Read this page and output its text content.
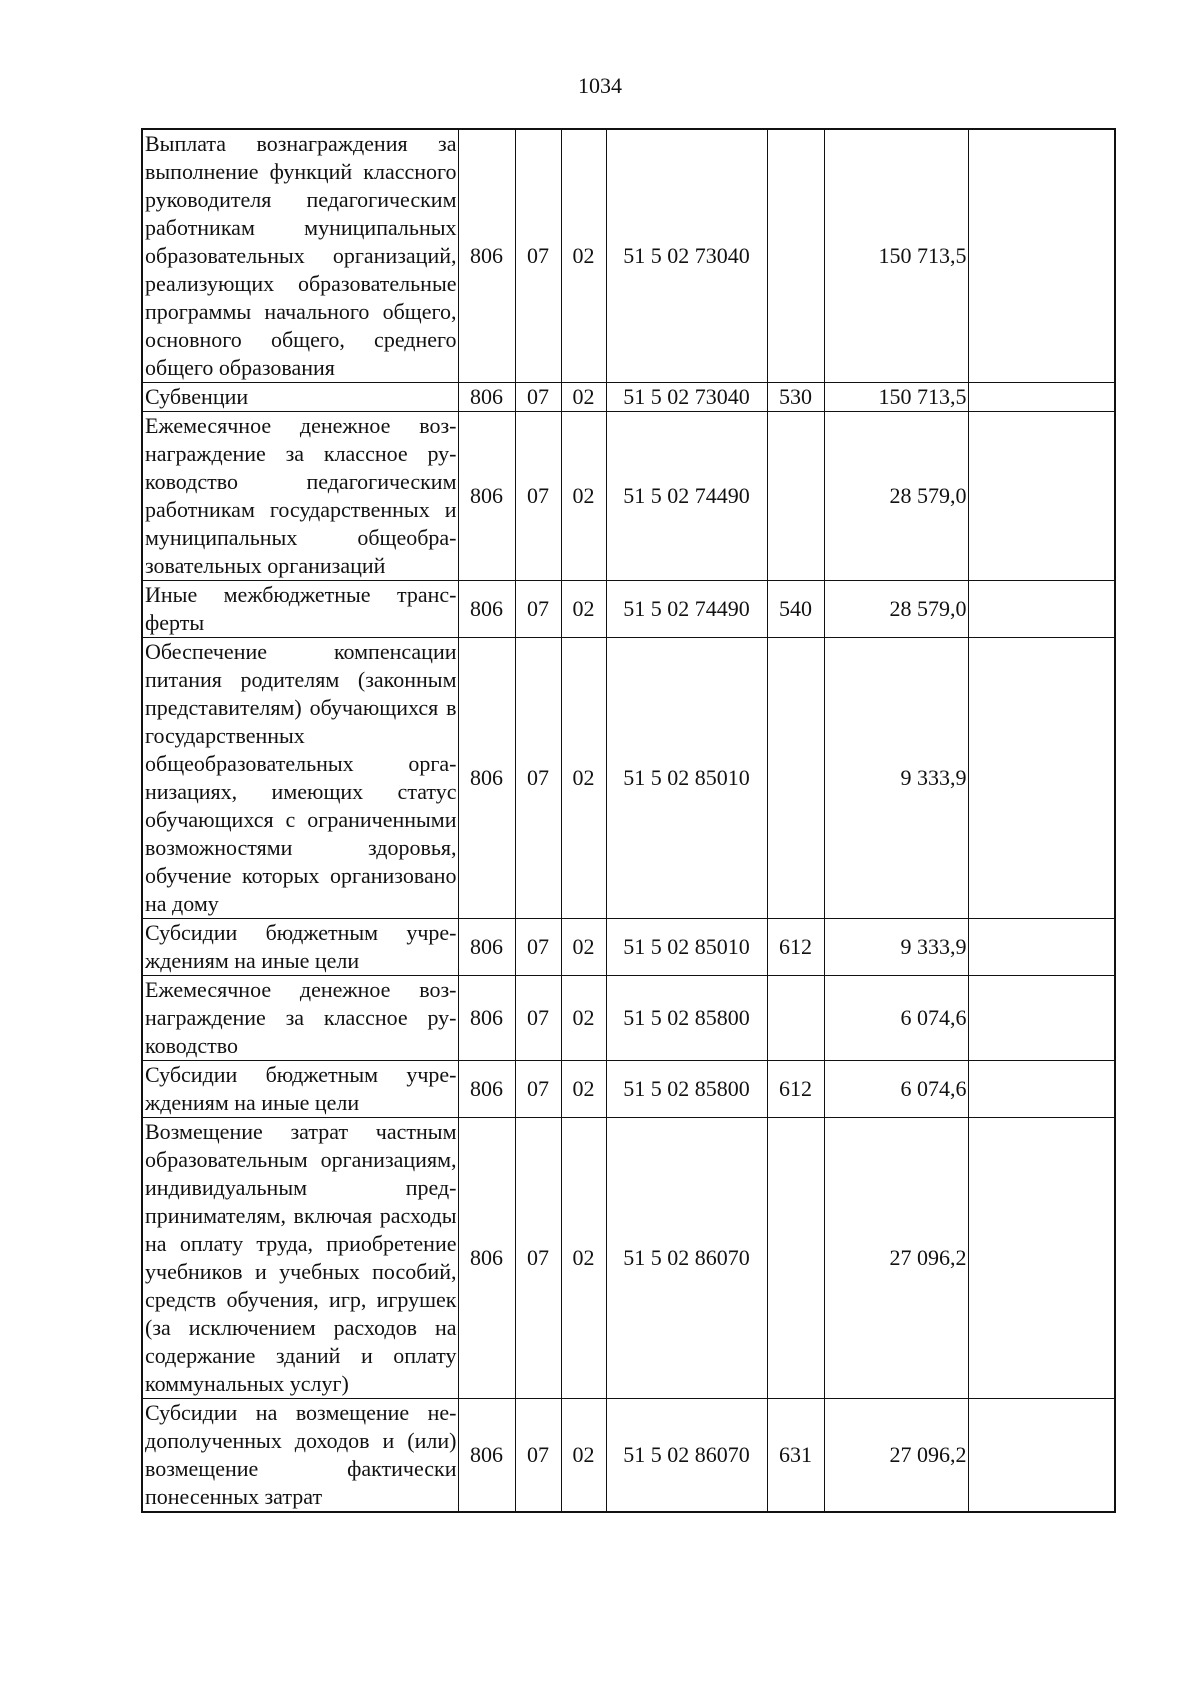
1034
Выплата вознаграждения за выполнение функций классного руководителя педагогическим работникам муниципальных образовательных организаций, реализующих образовательные программы начального общего, основного общего, среднего общего образования	806	07	02	51 5 02 73040		150 713,5	
Субвенции	806	07	02	51 5 02 73040	530	150 713,5	
Ежемесячное денежное вознаграждение за классное руководство педагогическим работникам государственных и муниципальных общеобразовательных организаций	806	07	02	51 5 02 74490		28 579,0	
Иные межбюджетные трансферты	806	07	02	51 5 02 74490	540	28 579,0	
Обеспечение компенсации питания родителям (законным представителям) обучающихся в государственных общеобразовательных организациях, имеющих статус обучающихся с ограниченными возможностями здоровья, обучение которых организовано на дому	806	07	02	51 5 02 85010		9 333,9	
Субсидии бюджетным учреждениям на иные цели	806	07	02	51 5 02 85010	612	9 333,9	
Ежемесячное денежное вознаграждение за классное руководство	806	07	02	51 5 02 85800		6 074,6	
Субсидии бюджетным учреждениям на иные цели	806	07	02	51 5 02 85800	612	6 074,6	
Возмещение затрат частным образовательным организациям, индивидуальным предпринимателям, включая расходы на оплату труда, приобретение учебников и учебных пособий, средств обучения, игр, игрушек (за исключением расходов на содержание зданий и оплату коммунальных услуг)	806	07	02	51 5 02 86070		27 096,2	
Субсидии на возмещение недополученных доходов и (или) возмещение фактически понесенных затрат	806	07	02	51 5 02 86070	631	27 096,2	
